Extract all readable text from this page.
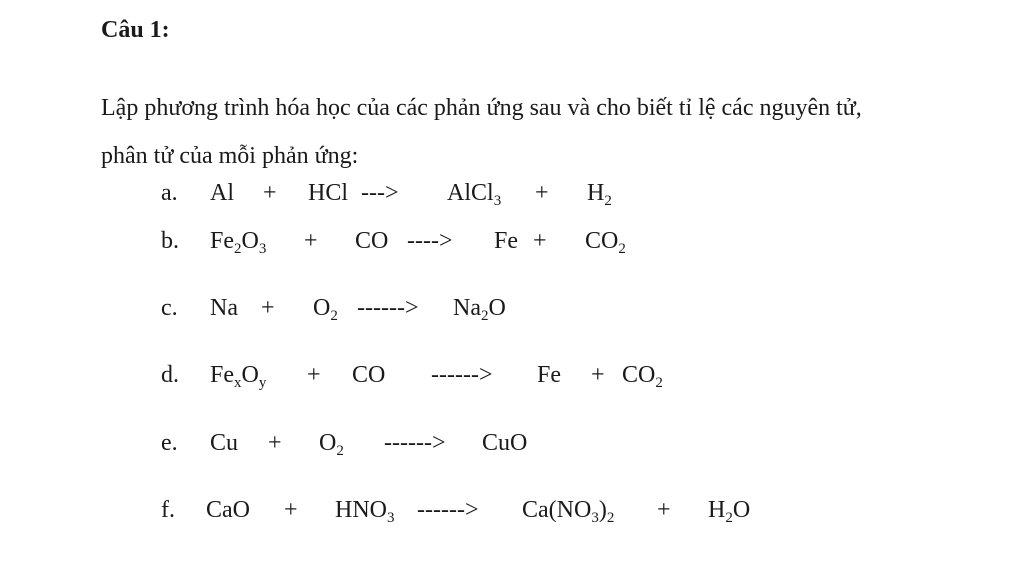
Câu 1:
Lập phương trình hóa học của các phản ứng sau và cho biết tỉ lệ các nguyên tử,
phân tử của mỗi phản ứng:
a. Al + HCl ---> AlCl$_3$ + $H_2$
b. $Fe_2O_3$ + CO ----> $Fe + CO_2$
c. $Na + O_2$ ------> $Na_2O$
d. $Fe_xO_y$ + CO ------> $Fe + CO_2$
e. $Cu + O_2$ ------> CuO
f. CaO + $HNO_3$ ------> $Ca(NO_3)_2 + H_2O$
